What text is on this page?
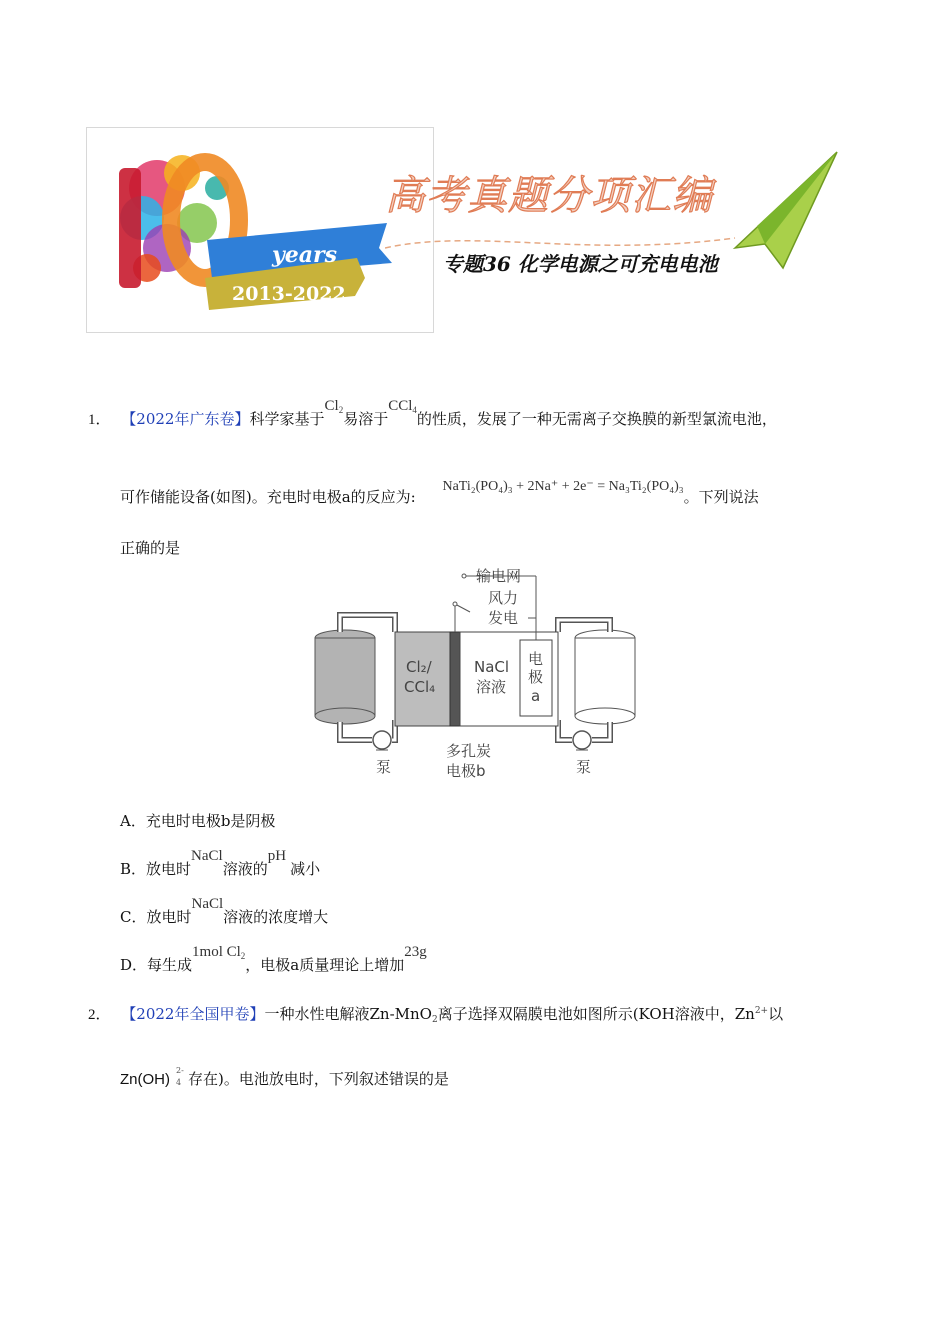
years
2013-2022
高考真题分项汇编
专题36 化学电源之可充电电池
1． 【2022年广东卷】科学家基于$Cl_2$易溶于CCl$_4$的性质，发展了一种无需离子交换膜的新型氯流电池，
可作储能设备(如图)。充电时电极a的反应为: NaTi₂(PO₄)₃ + 2Na⁺ + 2e⁻ = Na₃Ti₂(PO₄)₃。下列说法
正确的是
输电网
风力
发电
Cl₂/
CCl₄
NaCl
溶液
电
极
a
泵	泵
多孔炭
电极b
A．充电时电极b是阴极
B．放电时NaCl溶液的pH减小
C．放电时NaCl溶液的浓度增大
D．每生成1mol $Cl_2$，电极a质量理论上增加23g
2． 【2022年全国甲卷】一种水性电解液Zn-MnO$_2$离子选择双隔膜电池如图所示(KOH溶液中，$Zn^{2+}$以
Zn(OH)
2-
4 存在)。电池放电时，下列叙述错误的是
